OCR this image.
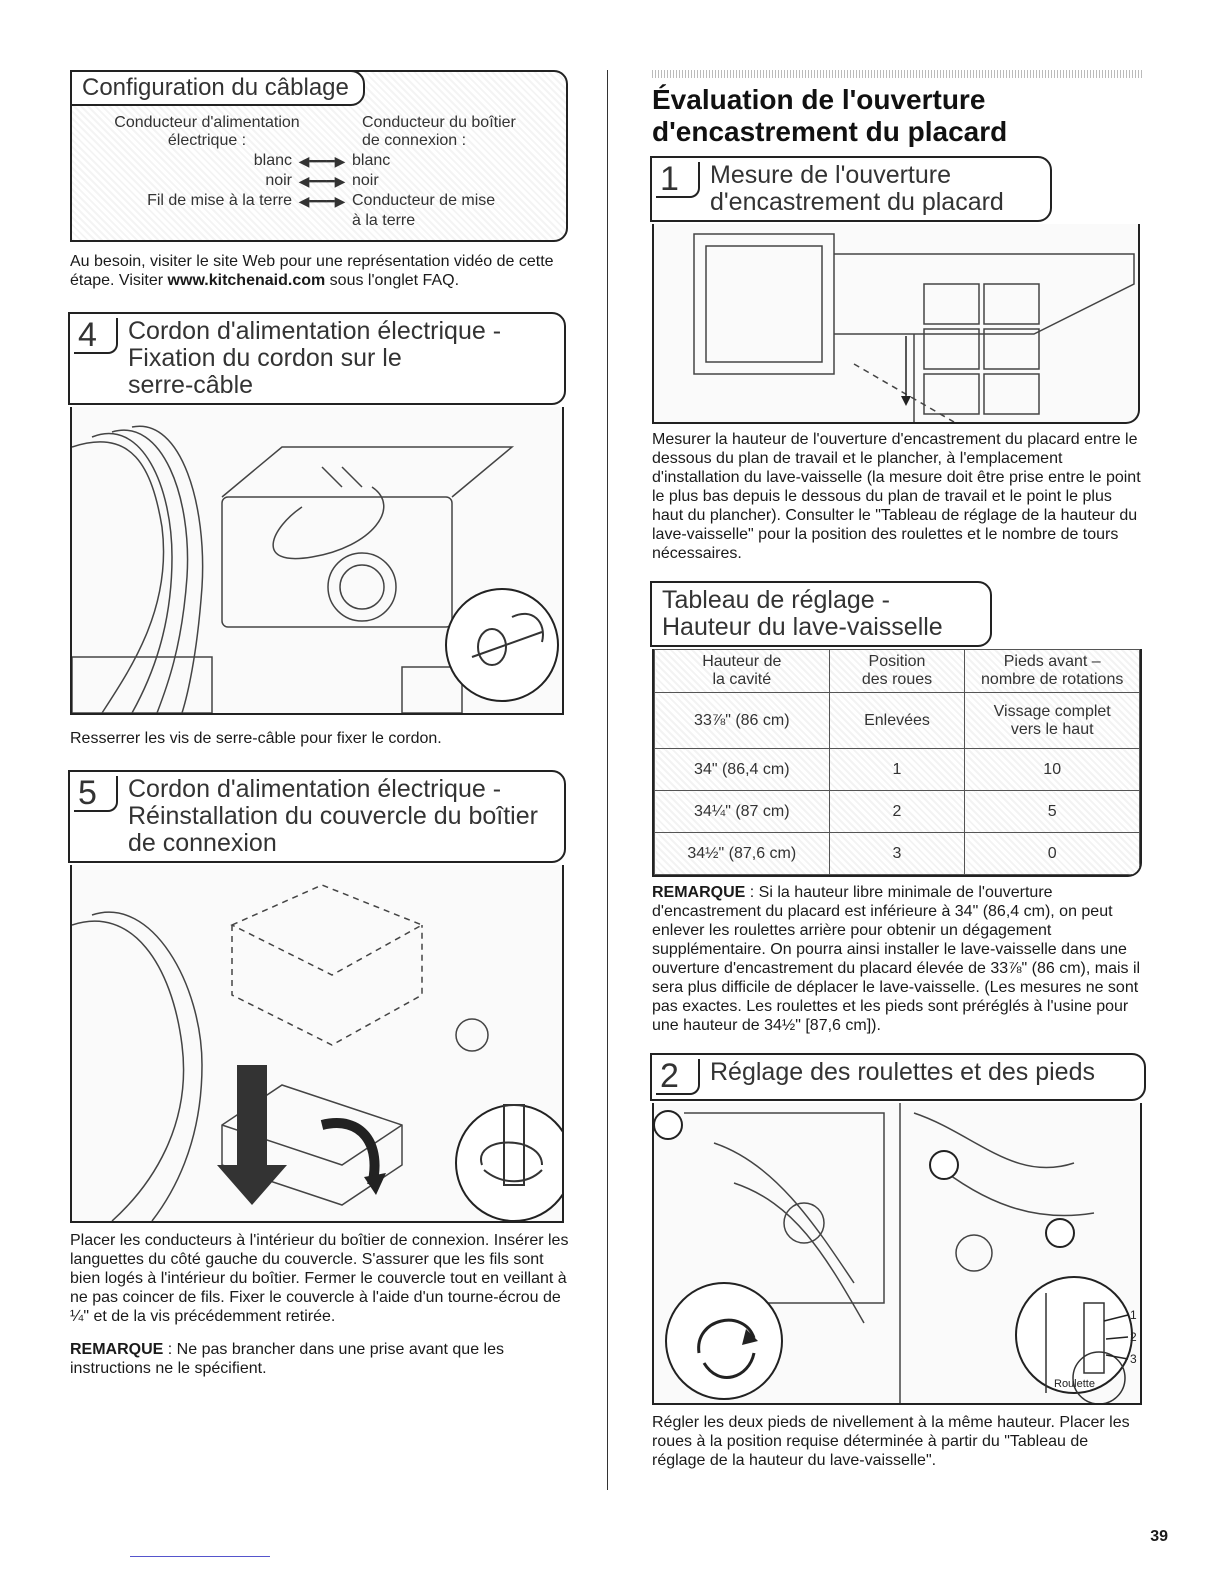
Configuration du câblage
Conducteur d'alimentation
électrique :
Conducteur du boîtier
de connexion :
blanc ◀━━━▶ blanc
noir ◀━━━▶ noir
Fil de mise à la terre ◀━━━▶ Conducteur de mise
à la terre

Au besoin, visiter le site Web pour une représentation vidéo de cette étape. Visiter www.kitchenaid.com sous l'onglet FAQ.

4	Cordon d'alimentation électrique -
Fixation du cordon sur le
serre-câble

Resserrer les vis de serre-câble pour fixer le cordon.

5	Cordon d'alimentation électrique -
Réinstallation du couvercle du boîtier
de connexion

Placer les conducteurs à l'intérieur du boîtier de connexion. Insérer les languettes du côté gauche du couvercle. S'assurer que les fils sont bien logés à l'intérieur du boîtier. Fermer le couvercle tout en veillant à ne pas coincer de fils. Fixer le couvercle à l'aide d'un tourne-écrou de ¼" et de la vis précédemment retirée.

REMARQUE : Ne pas brancher dans une prise avant que les instructions ne le spécifient.

Évaluation de l'ouverture
d'encastrement du placard
1	Mesure de l'ouverture
d'encastrement du placard

Mesurer la hauteur de l'ouverture d'encastrement du placard entre le dessous du plan de travail et le plancher, à l'emplacement d'installation du lave-vaisselle (la mesure doit être prise entre le point le plus bas depuis le dessous du plan de travail et le point le plus haut du plancher). Consulter le "Tableau de réglage de la hauteur du lave-vaisselle" pour la position des roulettes et le nombre de tours nécessaires.

Tableau de réglage -
Hauteur du lave-vaisselle
Hauteur de
la cavité	Position
des roues	Pieds avant –
nombre de rotations

33⅞" (86 cm)	Enlevées	Vissage complet
vers le haut

34" (86,4 cm)	1	10
34¼" (87 cm)	2	5
34½" (87,6 cm)	3	0

REMARQUE : Si la hauteur libre minimale de l'ouverture d'encastrement du placard est inférieure à 34" (86,4 cm), on peut enlever les roulettes arrière pour obtenir un dégagement supplémentaire. On pourra ainsi installer le lave-vaisselle dans une ouverture d'encastrement du placard élevée de 33⅞" (86 cm), mais il sera plus difficile de déplacer le lave-vaisselle. (Les mesures ne sont pas exactes. Les roulettes et les pieds sont préréglés à l'usine pour une hauteur de 34½" [87,6 cm]).

2	Réglage des roulettes et des pieds
1
2
3
Roulette

Régler les deux pieds de nivellement à la même hauteur. Placer les roues à la position requise déterminée à partir du "Tableau de réglage de la hauteur du lave-vaisselle".

39
